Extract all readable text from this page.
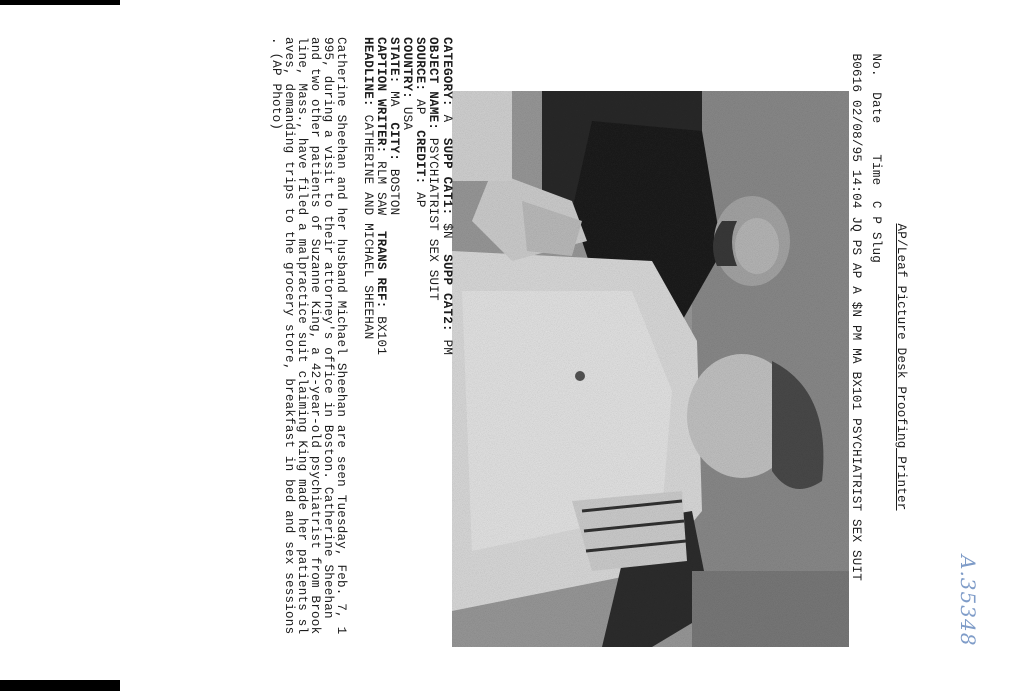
AP/Leaf Picture Desk Proofing Printer

No.  Date    Time  C P Slug

B0616 02/08/95 14:04 JQ PS AP A $N PM MA BX101 PSYCHIATRIST SEX SUIT

CATEGORY: A  SUPP CAT1: $N  SUPP CAT2: PM
OBJECT NAME: PSYCHIATRIST SEX SUIT
SOURCE: AP  CREDIT: AP
COUNTRY: USA
STATE: MA  CITY: BOSTON
CAPTION WRITER: RLM SAW  TRANS REF: BX101
HEADLINE: CATHERINE AND MICHAEL SHEEHAN
Catherine Sheehan and her husband Michael Sheehan are seen Tuesday, Feb. 7, 1
995, during a visit to their attorney's office in Boston. Catherine Sheehan
and two other patients of Suzanne King, a 42-year-old psychiatrist from Brook
line, Mass., have filed a malpractice suit claiming King made her patients sl
aves, demanding trips to the grocery store, breakfast in bed and sex sessions
. (AP Photo)
A.35348
